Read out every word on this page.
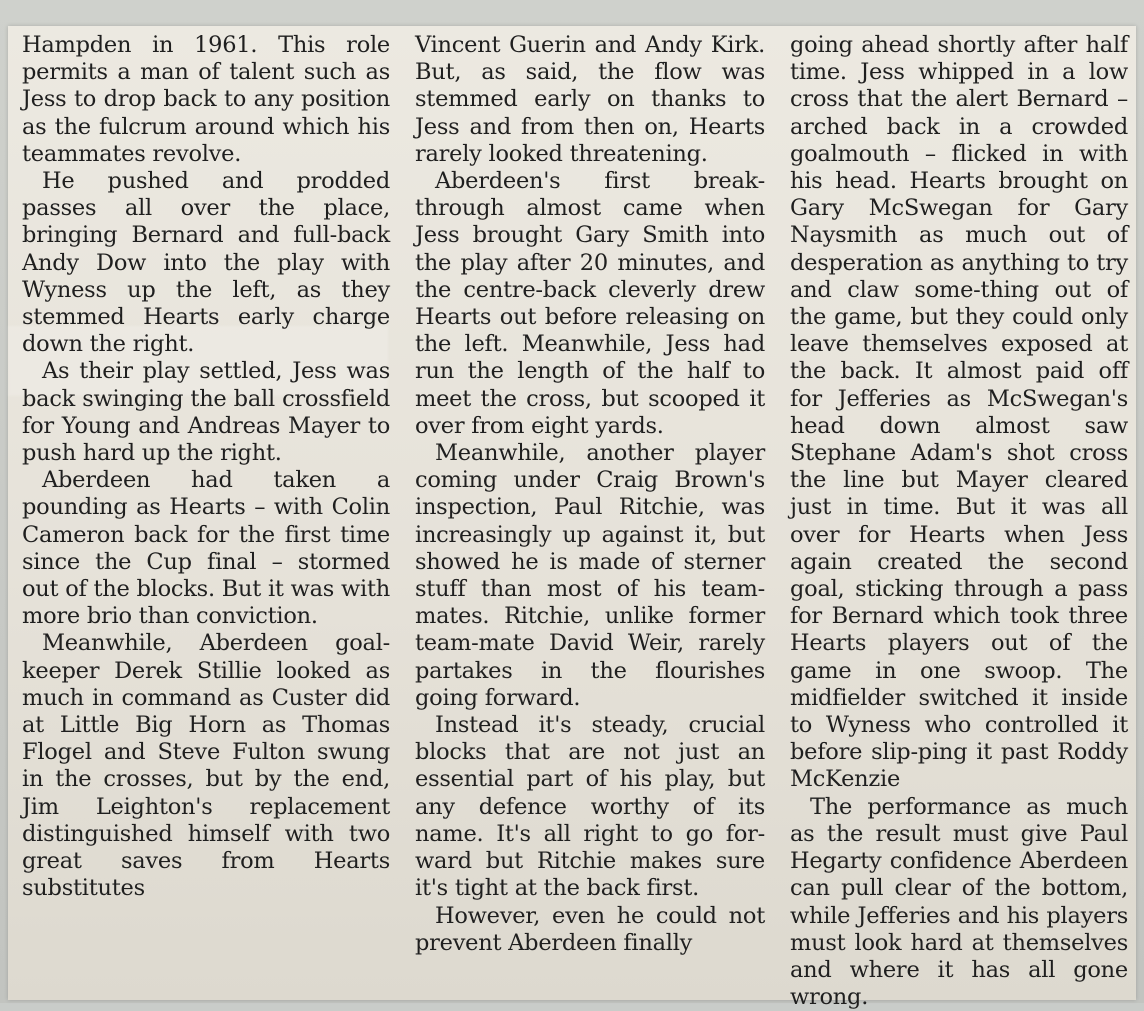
Hampden in 1961. This role permits a man of talent such as Jess to drop back to any position as the fulcrum around which his teammates revolve.

He pushed and prodded passes all over the place, bringing Bernard and full-back Andy Dow into the play with Wyness up the left, as they stemmed Hearts early charge down the right.

As their play settled, Jess was back swinging the ball crossfield for Young and Andreas Mayer to push hard up the right.

Aberdeen had taken a pounding as Hearts – with Colin Cameron back for the first time since the Cup final – stormed out of the blocks. But it was with more brio than conviction.

Meanwhile, Aberdeen goal-keeper Derek Stillie looked as much in command as Custer did at Little Big Horn as Thomas Flogel and Steve Fulton swung in the crosses, but by the end, Jim Leighton's replacement distinguished himself with two great saves from Hearts substitutes

Vincent Guerin and Andy Kirk. But, as said, the flow was stemmed early on thanks to Jess and from then on, Hearts rarely looked threatening.

Aberdeen's first break-through almost came when Jess brought Gary Smith into the play after 20 minutes, and the centre-back cleverly drew Hearts out before releasing on the left. Meanwhile, Jess had run the length of the half to meet the cross, but scooped it over from eight yards.

Meanwhile, another player coming under Craig Brown's inspection, Paul Ritchie, was increasingly up against it, but showed he is made of sterner stuff than most of his team-mates. Ritchie, unlike former team-mate David Weir, rarely partakes in the flourishes going forward.

Instead it's steady, crucial blocks that are not just an essential part of his play, but any defence worthy of its name. It's all right to go for-ward but Ritchie makes sure it's tight at the back first.

However, even he could not prevent Aberdeen finally

going ahead shortly after half time. Jess whipped in a low cross that the alert Bernard – arched back in a crowded goalmouth – flicked in with his head. Hearts brought on Gary McSwegan for Gary Naysmith as much out of desperation as anything to try and claw some-thing out of the game, but they could only leave themselves exposed at the back. It almost paid off for Jefferies as McSwegan's head down almost saw Stephane Adam's shot cross the line but Mayer cleared just in time. But it was all over for Hearts when Jess again created the second goal, sticking through a pass for Bernard which took three Hearts players out of the game in one swoop. The midfielder switched it inside to Wyness who controlled it before slip-ping it past Roddy McKenzie

The performance as much as the result must give Paul Hegarty confidence Aberdeen can pull clear of the bottom, while Jefferies and his players must look hard at themselves and where it has all gone wrong.
